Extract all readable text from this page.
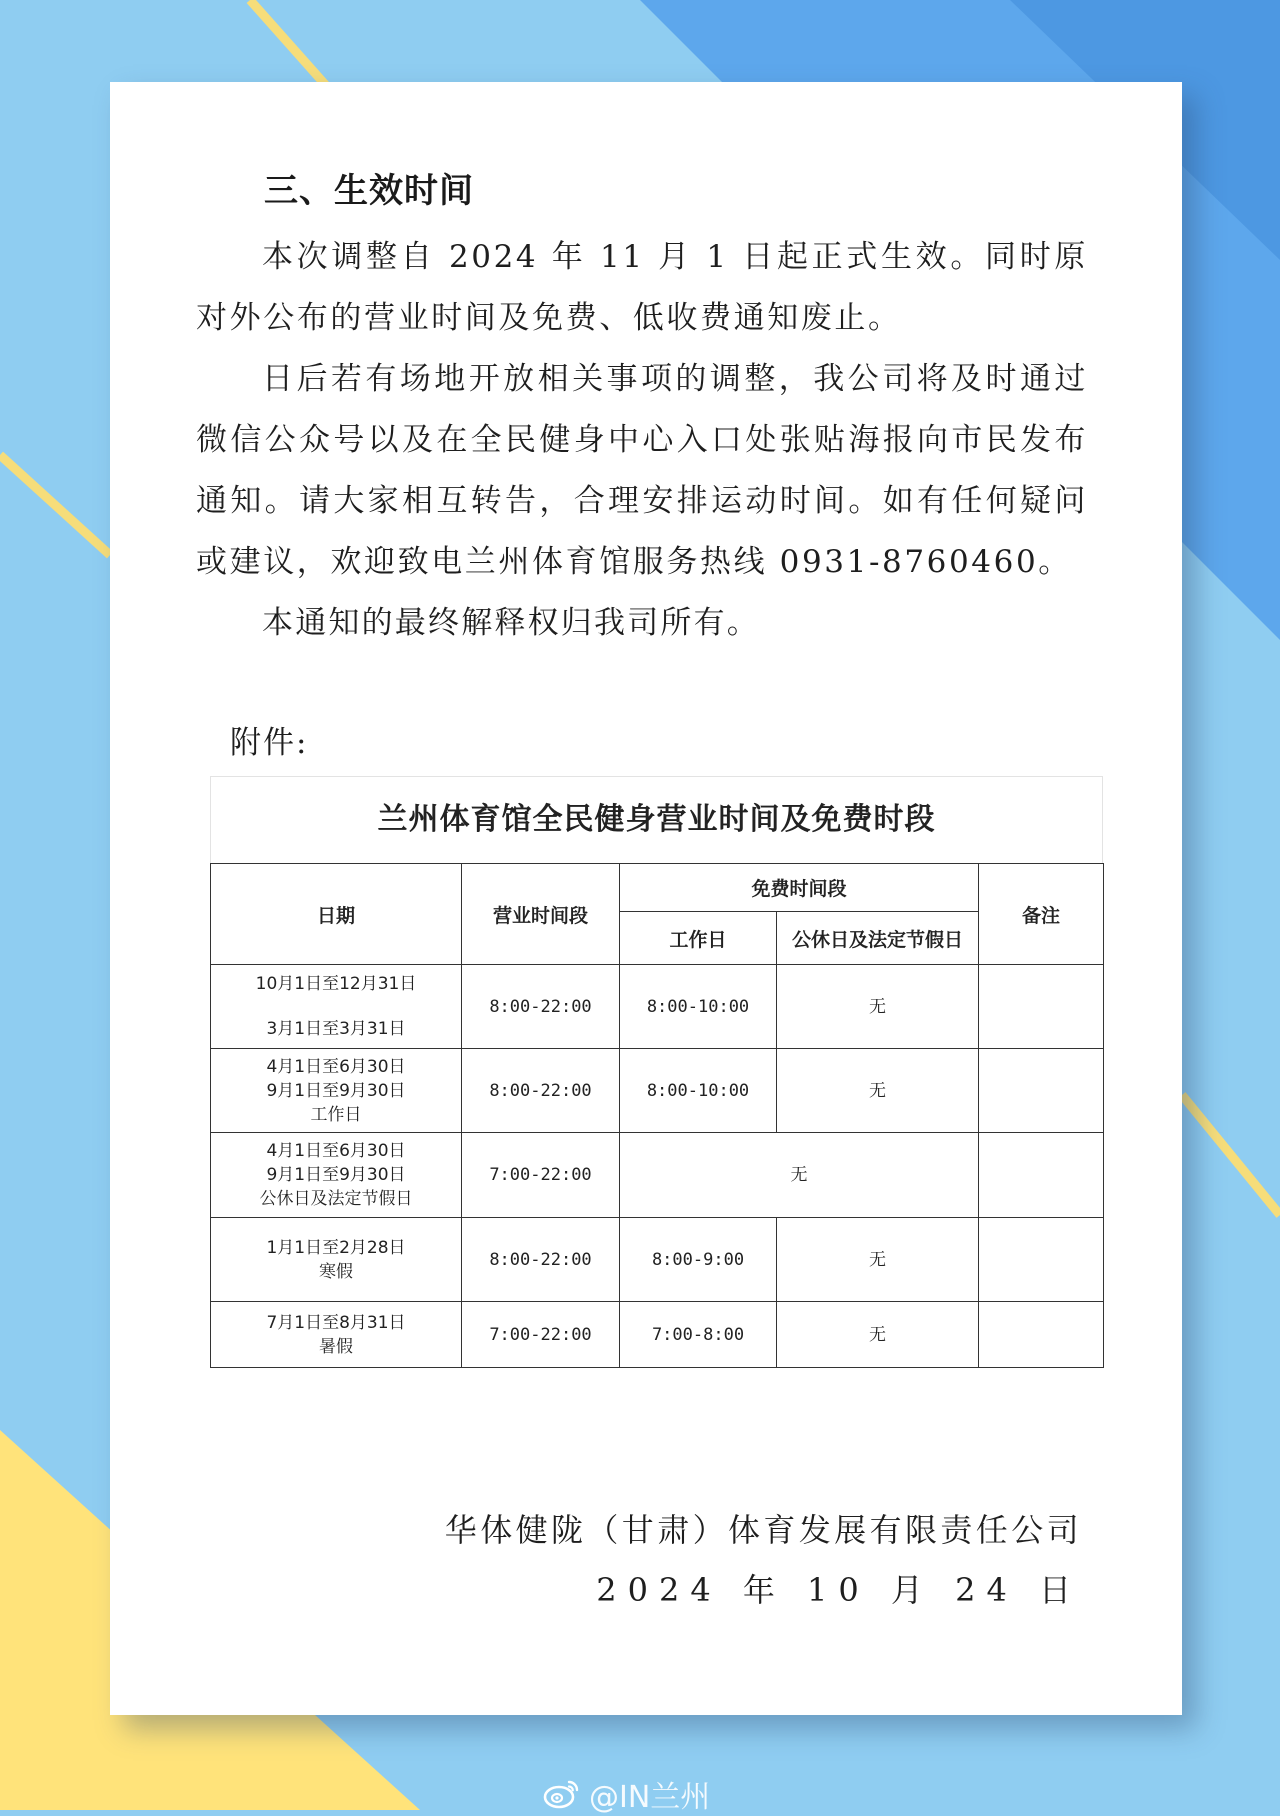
三、生效时间

本次调整自 2024 年 11 月 1 日起正式生效。同时原对外公布的营业时间及免费、低收费通知废止。

日后若有场地开放相关事项的调整，我公司将及时通过微信公众号以及在全民健身中心入口处张贴海报向市民发布通知。请大家相互转告，合理安排运动时间。如有任何疑问或建议，欢迎致电兰州体育馆服务热线 0931-8760460。

本通知的最终解释权归我司所有。

附件:
兰州体育馆全民健身营业时间及免费时段
日期	营业时间段	免费时间段		备注
		工作日	公休日及法定节假日	

10月1日至12月31日
3月1日至3月31日	8:00-22:00	8:00-10:00	无	

4月1日至6月30日
9月1日至9月30日
工作日	8:00-22:00	8:00-10:00	无	

4月1日至6月30日
9月1日至9月30日
公休日及法定节假日	7:00-22:00	无		

1月1日至2月28日
寒假	8:00-22:00	8:00-9:00	无	

7月1日至8月31日
暑假	7:00-22:00	7:00-8:00	无	
华体健陇（甘肃）体育发展有限责任公司
2024 年 10 月 24 日
@IN兰州
